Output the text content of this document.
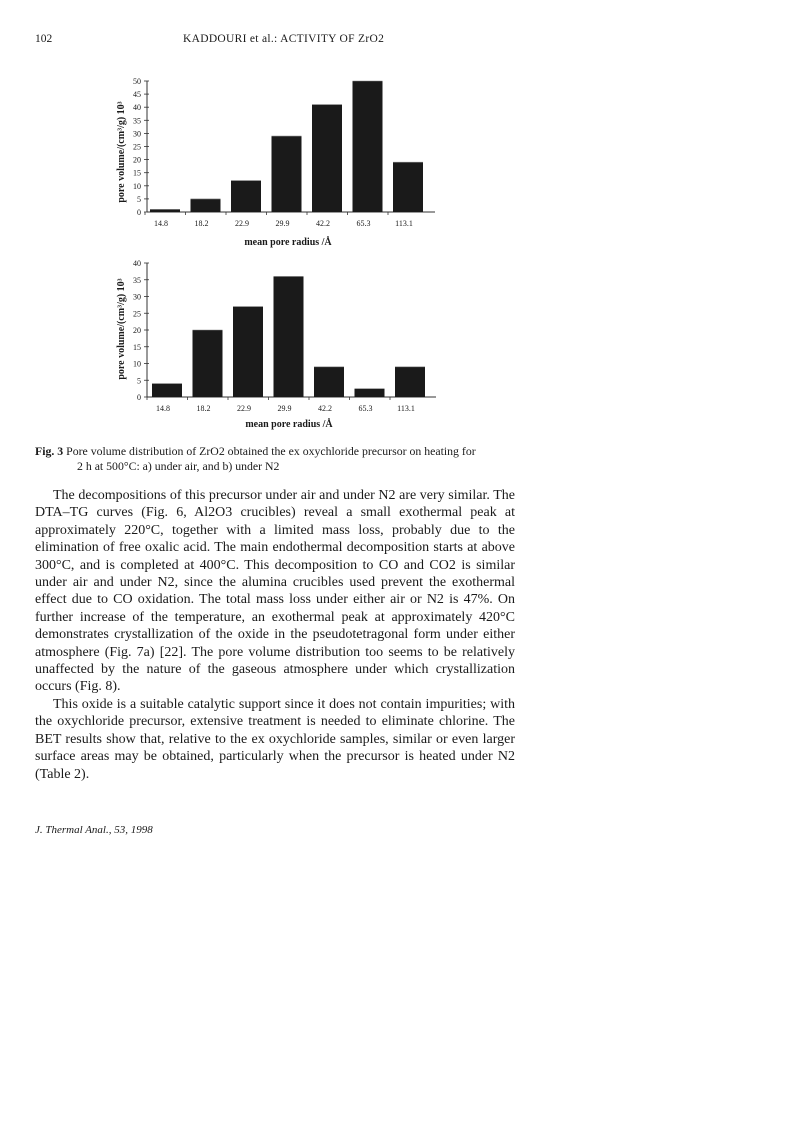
102	KADDOURI et al.: ACTIVITY OF ZrO2
pore volume/(cm³/g) 10³
0
5
10
15
20
25
30
35
40
45
50
14.8	18.2	22.9	29.9	42.2	65.3	113.1
mean pore radius /Å
pore volume/(cm³/g) 10³
0
5
10
15
20
25
30
35
40
14.8	18.2	22.9	29.9	42.2	65.3	113.1
mean pore radius /Å
Fig. 3 Pore volume distribution of ZrO2 obtained the ex oxychloride precursor on heating for
2 h at 500°C: a) under air, and b) under N2

The decompositions of this precursor under air and under N2 are very similar. The DTA–TG curves (Fig. 6, Al2O3 crucibles) reveal a small exothermal peak at approximately 220°C, together with a limited mass loss, probably due to the elimination of free oxalic acid. The main endothermal decomposition starts at above 300°C, and is completed at 400°C. This decomposition to CO and CO2 is similar under air and under N2, since the alumina crucibles used prevent the exothermal effect due to CO oxidation. The total mass loss under either air or N2 is 47%. On further increase of the temperature, an exothermal peak at approximately 420°C demonstrates crystallization of the oxide in the pseudotetragonal form under either atmosphere (Fig. 7a) [22]. The pore volume distribution too seems to be relatively unaffected by the nature of the gaseous atmosphere under which crystallization occurs (Fig. 8).

This oxide is a suitable catalytic support since it does not contain impurities; with the oxychloride precursor, extensive treatment is needed to eliminate chlorine. The BET results show that, relative to the ex oxychloride samples, similar or even larger surface areas may be obtained, particularly when the precursor is heated under N2 (Table 2).

J. Thermal Anal., 53, 1998
